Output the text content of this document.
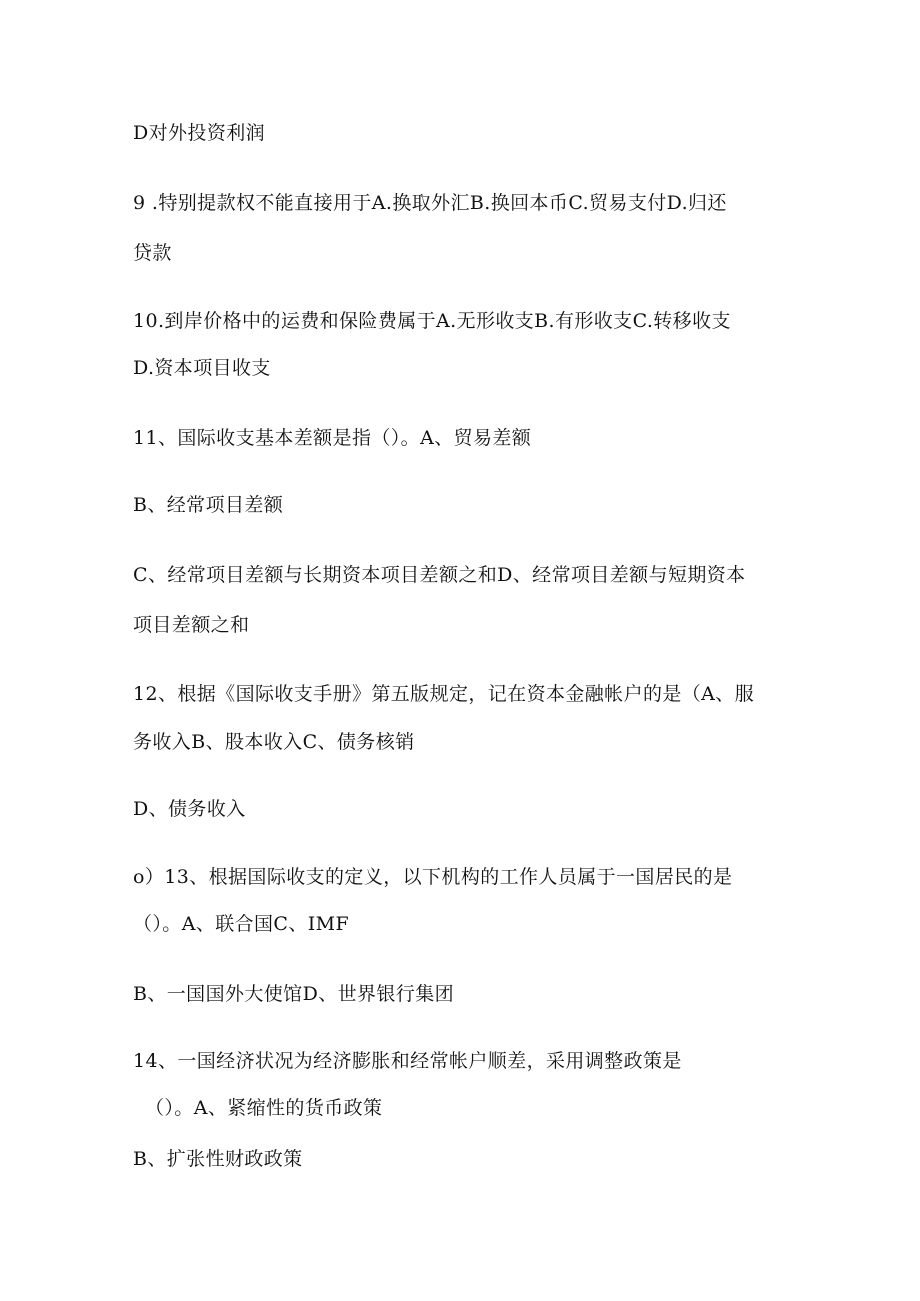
D对外投资利润
9 .特别提款权不能直接用于A.换取外汇B.换回本币C.贸易支付D.归还
贷款
10.到岸价格中的运费和保险费属于A.无形收支B.有形收支C.转移收支
D.资本项目收支
11、国际收支基本差额是指（）。A、贸易差额
B、经常项目差额
C、经常项目差额与长期资本项目差额之和D、经常项目差额与短期资本
项目差额之和
12、根据《国际收支手册》第五版规定，记在资本金融帐户的是（A、服
务收入B、股本收入C、债务核销
D、债务收入
o）13、根据国际收支的定义，以下机构的工作人员属于一国居民的是
（）。A、联合国C、IMF
B、一国国外大使馆D、世界银行集团
14、一国经济状况为经济膨胀和经常帐户顺差，采用调整政策是
（）。A、紧缩性的货币政策
B、扩张性财政政策
